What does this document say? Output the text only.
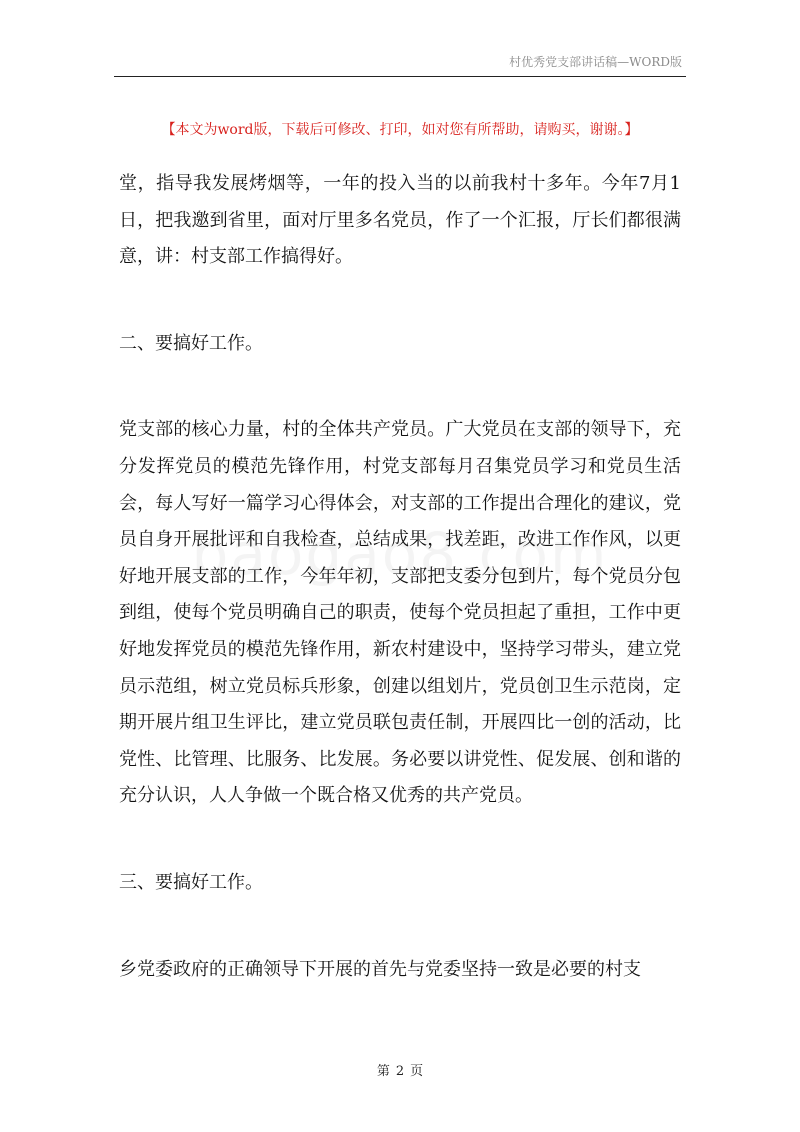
村优秀党支部讲话稿—WORD版
【本文为word版，下载后可修改、打印，如对您有所帮助，请购买，谢谢。】

堂，指导我发展烤烟等，一年的投入当的以前我村十多年。今年7月1日，把我邀到省里，面对厅里多名党员，作了一个汇报，厅长们都很满意，讲：村支部工作搞得好。

二、要搞好工作。

党支部的核心力量，村的全体共产党员。广大党员在支部的领导下，充分发挥党员的模范先锋作用，村党支部每月召集党员学习和党员生活会，每人写好一篇学习心得体会，对支部的工作提出合理化的建议，党员自身开展批评和自我检查，总结成果，找差距，改进工作作风，以更好地开展支部的工作，今年年初，支部把支委分包到片，每个党员分包到组，使每个党员明确自己的职责，使每个党员担起了重担，工作中更好地发挥党员的模范先锋作用，新农村建设中，坚持学习带头，建立党员示范组，树立党员标兵形象，创建以组划片，党员创卫生示范岗，定期开展片组卫生评比，建立党员联包责任制，开展四比一创的活动，比党性、比管理、比服务、比发展。务必要以讲党性、促发展、创和谐的充分认识，人人争做一个既合格又优秀的共产党员。

三、要搞好工作。

乡党委政府的正确领导下开展的首先与党委坚持一致是必要的村支

第 2 页
